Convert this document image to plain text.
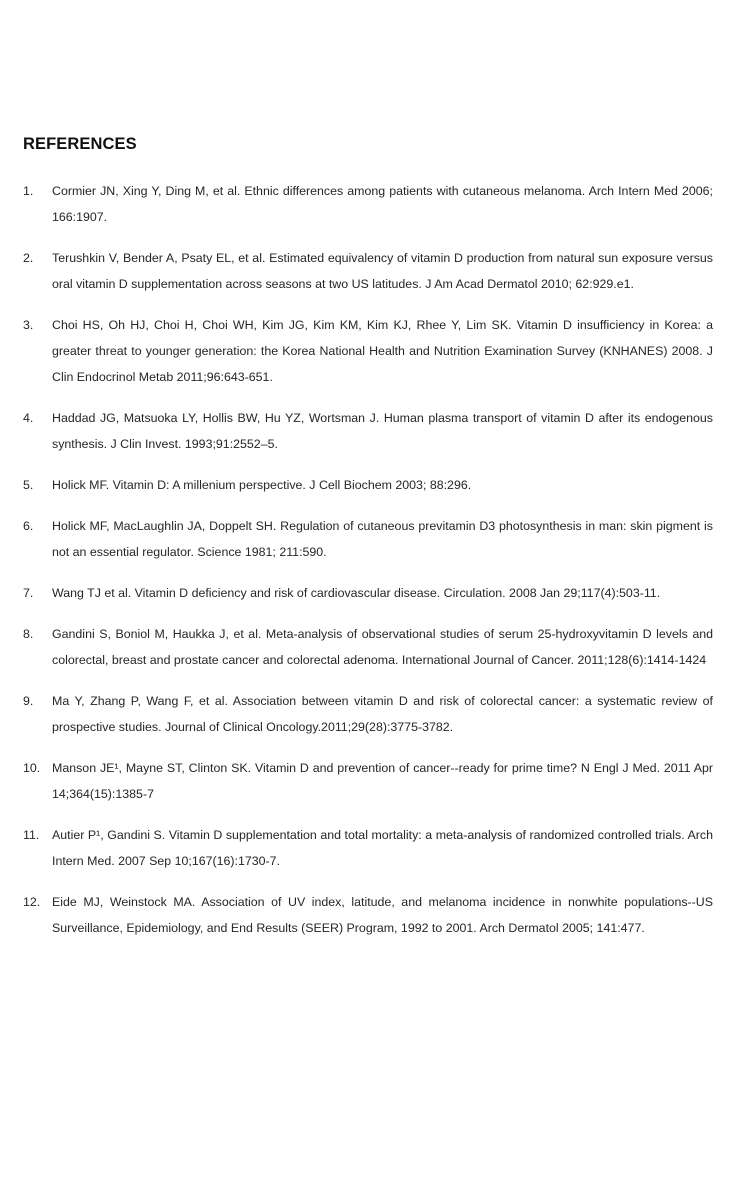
REFERENCES
1.	Cormier JN, Xing Y, Ding M, et al. Ethnic differences among patients with cutaneous melanoma. Arch Intern Med 2006; 166:1907.
2.	Terushkin V, Bender A, Psaty EL, et al. Estimated equivalency of vitamin D production from natural sun exposure versus oral vitamin D supplementation across seasons at two US latitudes. J Am Acad Dermatol 2010; 62:929.e1.
3.	Choi HS, Oh HJ, Choi H, Choi WH, Kim JG, Kim KM, Kim KJ, Rhee Y, Lim SK. Vitamin D insufficiency in Korea: a greater threat to younger generation: the Korea National Health and Nutrition Examination Survey (KNHANES) 2008. J Clin Endocrinol Metab 2011;96:643-651.
4.	Haddad JG, Matsuoka LY, Hollis BW, Hu YZ, Wortsman J. Human plasma transport of vitamin D after its endogenous synthesis. J Clin Invest. 1993;91:2552–5.
5.	Holick MF. Vitamin D: A millenium perspective. J Cell Biochem 2003; 88:296.
6.	Holick MF, MacLaughlin JA, Doppelt SH. Regulation of cutaneous previtamin D3 photosynthesis in man: skin pigment is not an essential regulator. Science 1981; 211:590.
7.	Wang TJ et al. Vitamin D deficiency and risk of cardiovascular disease. Circulation. 2008 Jan 29;117(4):503-11.
8.	Gandini S, Boniol M, Haukka J, et al. Meta-analysis of observational studies of serum 25-hydroxyvitamin D levels and colorectal, breast and prostate cancer and colorectal adenoma. International Journal of Cancer. 2011;128(6):1414-1424
9.	Ma Y, Zhang P, Wang F, et al. Association between vitamin D and risk of colorectal cancer: a systematic review of prospective studies. Journal of Clinical Oncology.2011;29(28):3775-3782.
10. Manson JE¹, Mayne ST, Clinton SK. Vitamin D and prevention of cancer--ready for prime time? N Engl J Med. 2011 Apr 14;364(15):1385-7
11.	Autier P¹, Gandini S. Vitamin D supplementation and total mortality: a meta-analysis of randomized controlled trials. Arch Intern Med. 2007 Sep 10;167(16):1730-7.
12. Eide MJ, Weinstock MA. Association of UV index, latitude, and melanoma incidence in nonwhite populations--US Surveillance, Epidemiology, and End Results (SEER) Program, 1992 to 2001. Arch Dermatol 2005; 141:477.
